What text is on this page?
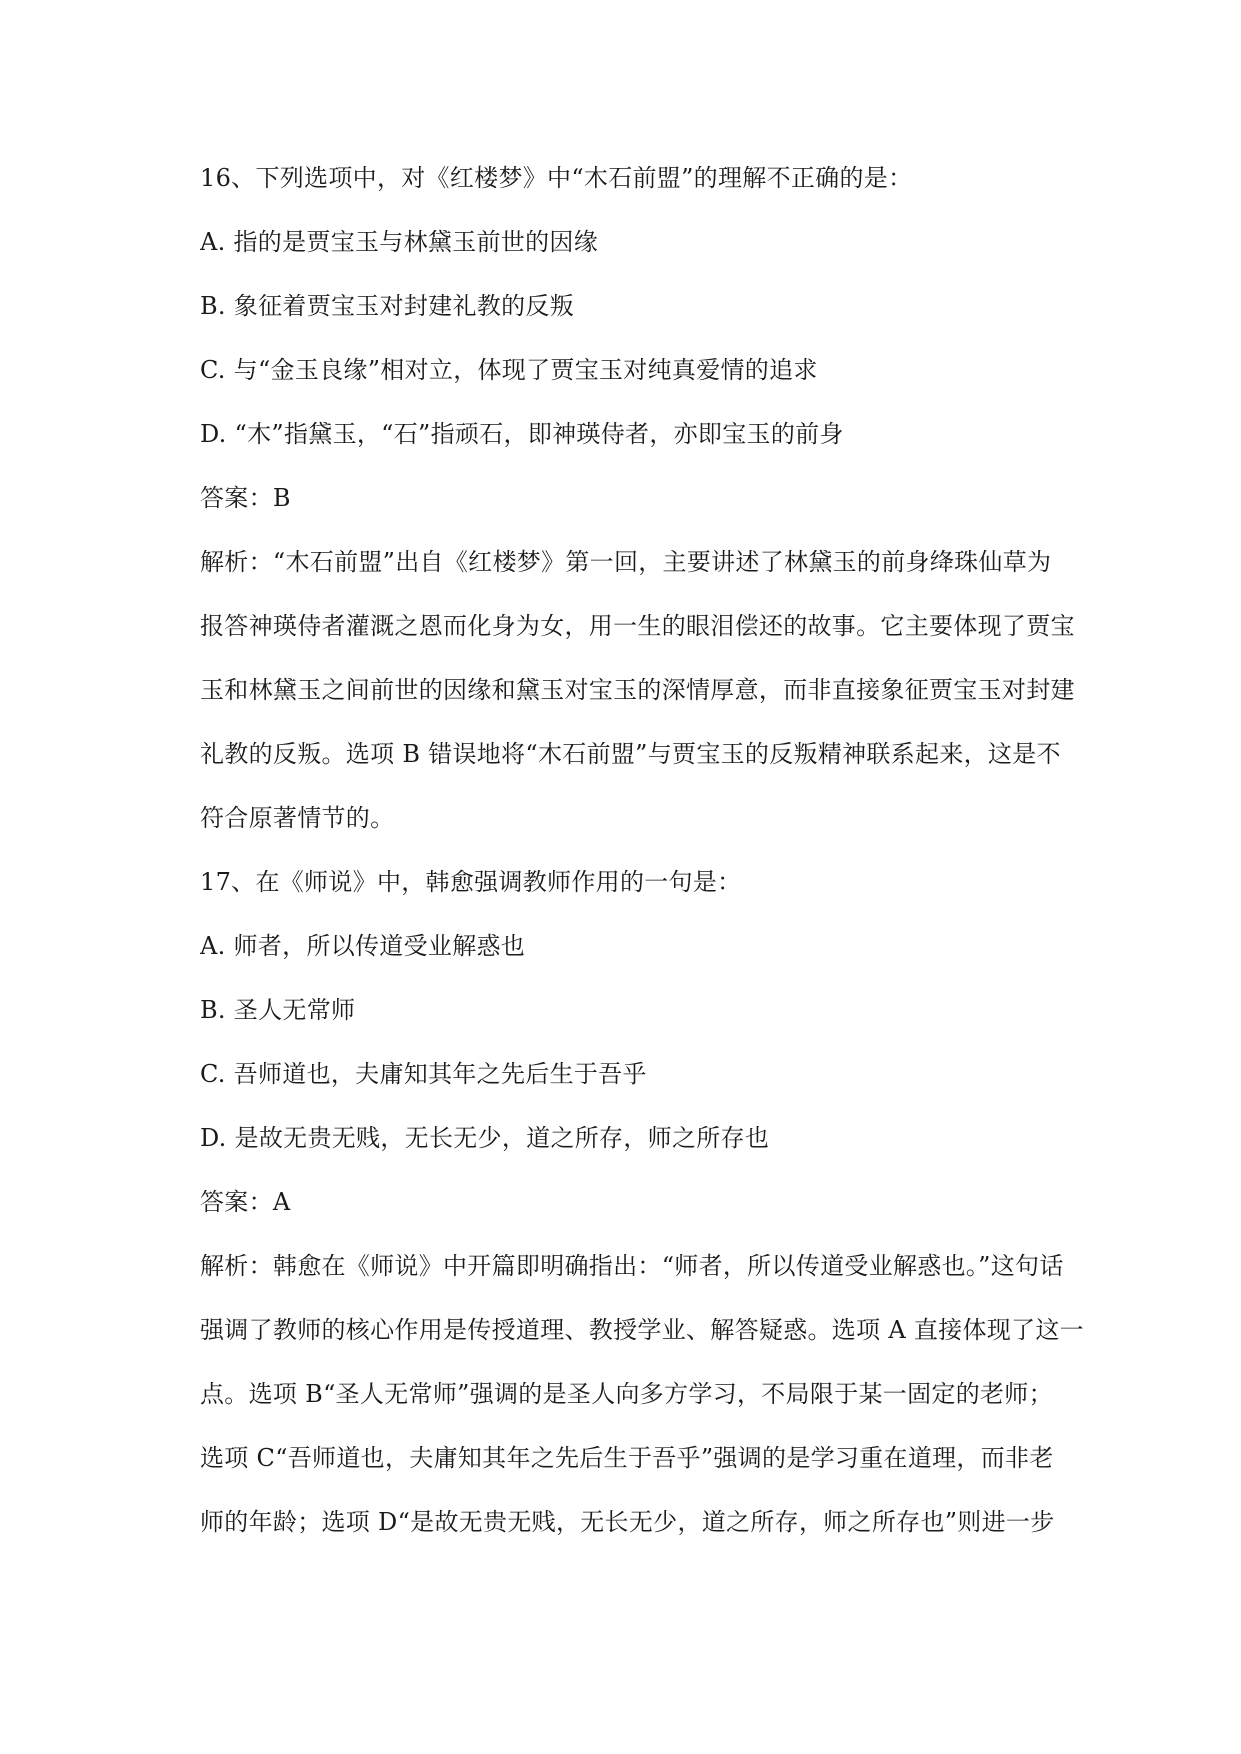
16、下列选项中，对《红楼梦》中“木石前盟”的理解不正确的是：
A. 指的是贾宝玉与林黛玉前世的因缘
B. 象征着贾宝玉对封建礼教的反叛
C. 与“金玉良缘”相对立，体现了贾宝玉对纯真爱情的追求
D. “木”指黛玉，“石”指顽石，即神瑛侍者，亦即宝玉的前身
答案：B
解析：“木石前盟”出自《红楼梦》第一回，主要讲述了林黛玉的前身绛珠仙草为
报答神瑛侍者灌溉之恩而化身为女，用一生的眼泪偿还的故事。它主要体现了贾宝
玉和林黛玉之间前世的因缘和黛玉对宝玉的深情厚意，而非直接象征贾宝玉对封建
礼教的反叛。选项 B 错误地将“木石前盟”与贾宝玉的反叛精神联系起来，这是不
符合原著情节的。
17、在《师说》中，韩愈强调教师作用的一句是：
A. 师者，所以传道受业解惑也
B. 圣人无常师
C. 吾师道也，夫庸知其年之先后生于吾乎
D. 是故无贵无贱，无长无少，道之所存，师之所存也
答案：A
解析：韩愈在《师说》中开篇即明确指出：“师者，所以传道受业解惑也。”这句话
强调了教师的核心作用是传授道理、教授学业、解答疑惑。选项 A 直接体现了这一
点。选项 B“圣人无常师”强调的是圣人向多方学习，不局限于某一固定的老师；
选项 C“吾师道也，夫庸知其年之先后生于吾乎”强调的是学习重在道理，而非老
师的年龄；选项 D“是故无贵无贱，无长无少，道之所存，师之所存也”则进一步
